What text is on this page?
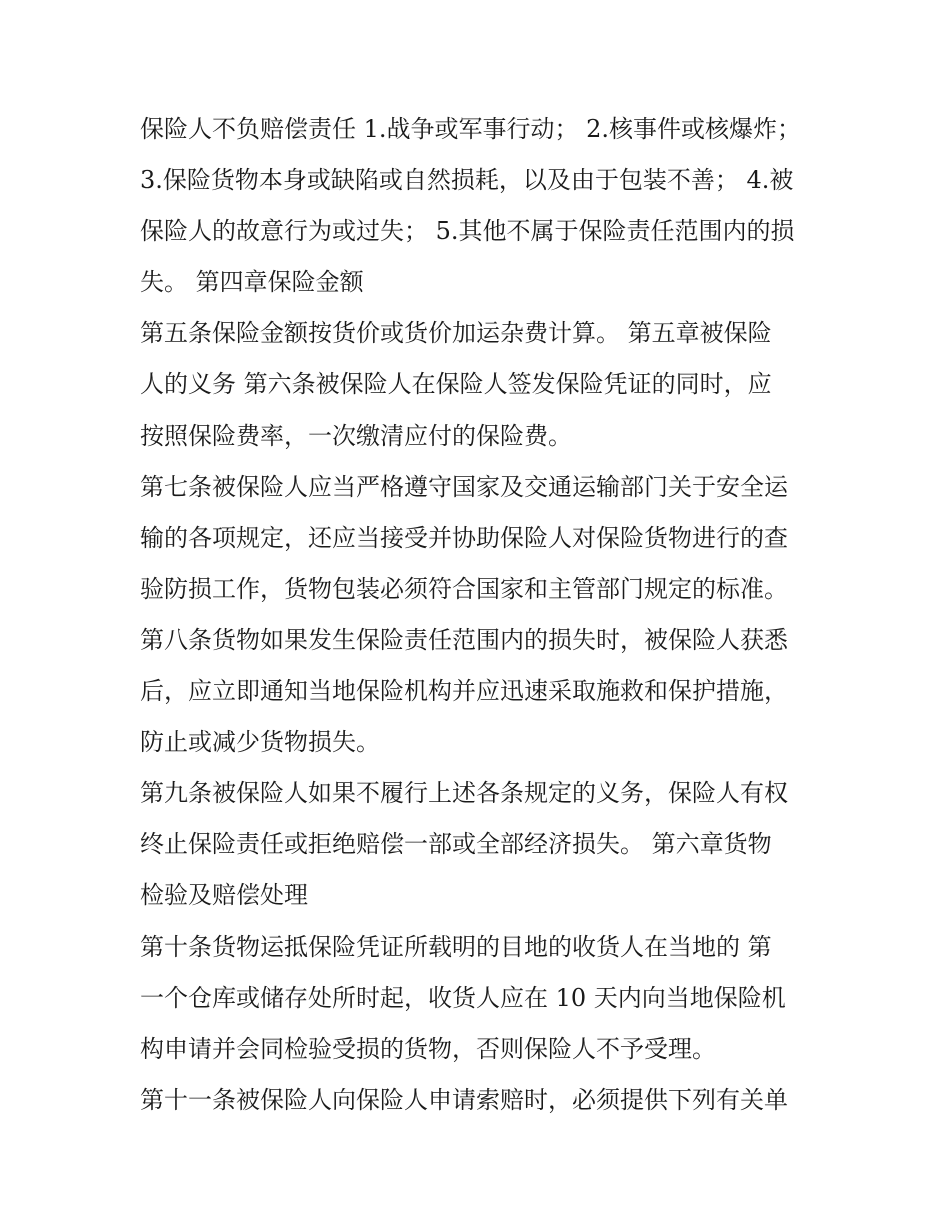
保险人不负赔偿责任 1.战争或军事行动； 2.核事件或核爆炸；
3.保险货物本身或缺陷或自然损耗，以及由于包装不善； 4.被
保险人的故意行为或过失； 5.其他不属于保险责任范围内的损
失。 第四章保险金额
第五条保险金额按货价或货价加运杂费计算。 第五章被保险
人的义务 第六条被保险人在保险人签发保险凭证的同时，应
按照保险费率，一次缴清应付的保险费。
第七条被保险人应当严格遵守国家及交通运输部门关于安全运
输的各项规定，还应当接受并协助保险人对保险货物进行的查
验防损工作，货物包装必须符合国家和主管部门规定的标准。
第八条货物如果发生保险责任范围内的损失时，被保险人获悉
后，应立即通知当地保险机构并应迅速采取施救和保护措施，
防止或减少货物损失。
第九条被保险人如果不履行上述各条规定的义务，保险人有权
终止保险责任或拒绝赔偿一部或全部经济损失。 第六章货物
检验及赔偿处理
第十条货物运抵保险凭证所载明的目地的收货人在当地的 第
一个仓库或储存处所时起，收货人应在 10 天内向当地保险机
构申请并会同检验受损的货物，否则保险人不予受理。
第十一条被保险人向保险人申请索赔时，必须提供下列有关单
